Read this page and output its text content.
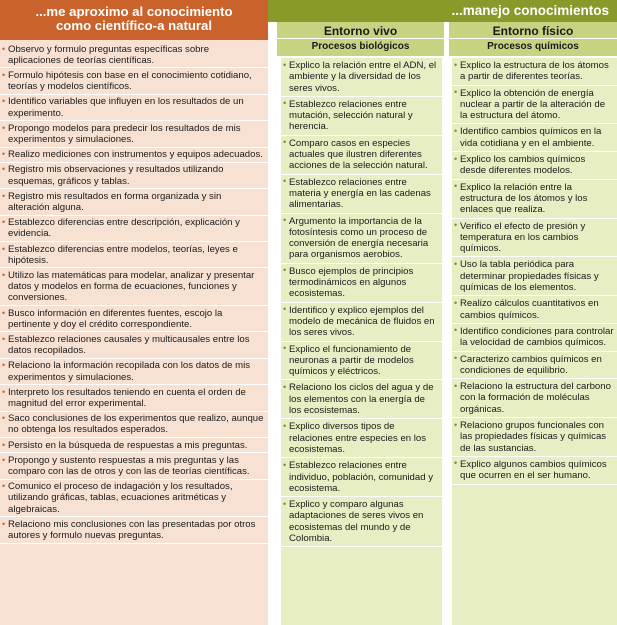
...me aproximo al conocimiento
como científico-a natural
• Observo y formulo preguntas específicas sobre aplicaciones de teorías científicas.
• Formulo hipótesis con base en el conocimiento cotidiano, teorías y modelos científicos.
• Identifico variables que influyen en los resultados de un experimento.
• Propongo modelos para predecir los resultados de mis experimentos y simulaciones.
• Realizo mediciones con instrumentos y equipos adecuados.
• Registro mis observaciones y resultados utilizando esquemas, gráficos y tablas.
• Registro mis resultados en forma organizada y sin alteración alguna.
• Establezco diferencias entre descripción, explicación y evidencia.
• Establezco diferencias entre modelos, teorías, leyes e hipótesis.
• Utilizo las matemáticas para modelar, analizar y presentar datos y modelos en forma de ecuaciones, funciones y conversiones.
• Busco información en diferentes fuentes, escojo la pertinente y doy el crédito correspondiente.
• Establezco relaciones causales y multicausales entre los datos recopilados.
• Relaciono la información recopilada con los datos de mis experimentos y simulaciones.
• Interpreto los resultados teniendo en cuenta el orden de magnitud del error experimental.
• Saco conclusiones de los experimentos que realizo, aunque no obtenga los resultados esperados.
• Persisto en la búsqueda de respuestas a mis preguntas.
• Propongo y sustento respuestas a mis preguntas y las comparo con las de otros y con las de teorías científicas.
• Comunico el proceso de indagación y los resultados, utilizando gráficas, tablas, ecuaciones aritméticas y algebraicas.
• Relaciono mis conclusiones con las presentadas por otros autores y formulo nuevas preguntas.
...manejo conocimientos
Entorno vivo
Procesos biológicos
Entorno físico
Procesos químicos
• Explico la relación entre el ADN, el ambiente y la diversidad de los seres vivos.
• Establezco relaciones entre mutación, selección natural y herencia.
• Comparo casos en especies actuales que ilustren diferentes acciones de la selección natural.
• Establezco relaciones entre materia y energía en las cadenas alimentarias.
• Argumento la importancia de la fotosíntesis como un proceso de conversión de energía necesaria para organismos aerobios.
• Busco ejemplos de principios termodinámicos en algunos ecosistemas.
• Identifico y explico ejemplos del modelo de mecánica de fluidos en los seres vivos.
• Explico el funcionamiento de neuronas a partir de modelos químicos y eléctricos.
• Relaciono los ciclos del agua y de los elementos con la energía de los ecosistemas.
• Explico diversos tipos de relaciones entre especies en los ecosistemas.
• Establezco relaciones entre individuo, población, comunidad y ecosistema.
• Explico y comparo algunas adaptaciones de seres vivos en ecosistemas del mundo y de Colombia.
• Explico la estructura de los átomos a partir de diferentes teorías.
• Explico la obtención de energía nuclear a partir de la alteración de la estructura del átomo.
• Identifico cambios químicos en la vida cotidiana y en el ambiente.
• Explico los cambios químicos desde diferentes modelos.
• Explico la relación entre la estructura de los átomos y los enlaces que realiza.
• Verifico el efecto de presión y temperatura en los cambios químicos.
• Uso la tabla periódica para determinar propiedades físicas y químicas de los elementos.
• Realizo cálculos cuantitativos en cambios químicos.
• Identifico condiciones para controlar la velocidad de cambios químicos.
• Caracterizo cambios químicos en condiciones de equilibrio.
• Relaciono la estructura del carbono con la formación de moléculas orgánicas.
• Relaciono grupos funcionales con las propiedades físicas y químicas de las sustancias.
• Explico algunos cambios químicos que ocurren en el ser humano.
